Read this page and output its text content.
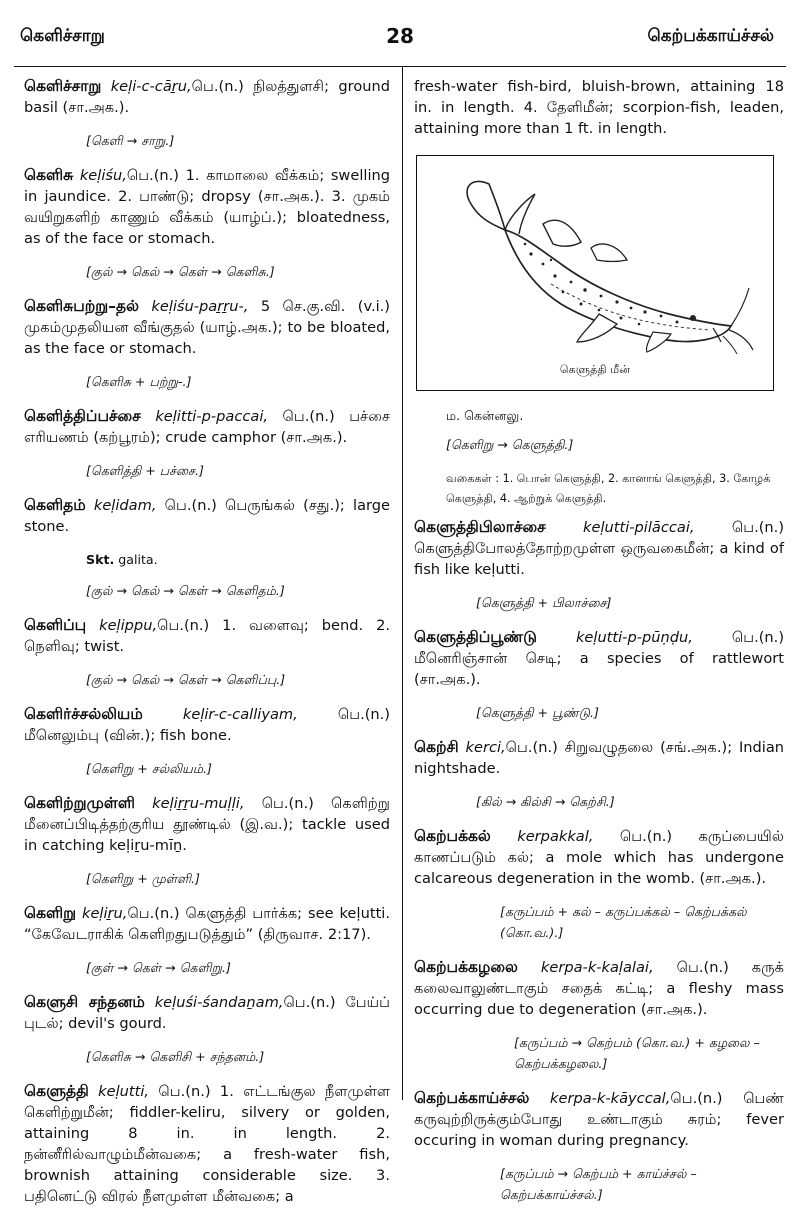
கெளிச்சாறு	28	கெற்பக்காய்ச்சல்

கெளிச்சாறு keḷi-c-cāṟu,பெ.(n.) நிலத்துளசி; ground basil (சா.அக.).

[கெளி → சாறு.]

கெளிசு keḷiśu,பெ.(n.) 1. காமாலை வீக்கம்; swelling in jaundice. 2. பாண்டு; dropsy (சா.அக.). 3. முகம் வயிறுகளிற் காணும் வீக்கம் (யாழ்ப்.); bloatedness, as of the face or stomach.

[குல் → கெல் → கெள் → கெளிசு.]

கெளிசுபற்று–தல் keḷiśu-paṟṟu-, 5 செ.கு.வி. (v.i.) முகம்முதலியன வீங்குதல் (யாழ்.அக.); to be bloated, as the face or stomach.

[கெளிசு + பற்று-.]

கெளித்திப்பச்சை keḷitti-p-paccai, பெ.(n.) பச்சை எரியணம் (கற்பூரம்); crude camphor (சா.அக.).

[கெளித்தி + பச்சை.]

கெளிதம் keḷidam, பெ.(n.) பெருங்கல் (சது.); large stone.

Skt. galita.

[குல் → கெல் → கெள் → கெளிதம்.]

கெளிப்பு keḷippu,பெ.(n.) 1. வளைவு; bend. 2. நெளிவு; twist.

[குல் → கெல் → கெள் → கெளிப்பு.]

கெளிர்ச்சல்லியம்	keḷir-c-calliyam,	பெ.(n.) மீனெலும்பு (வின்.); fish bone.

[கெளிறு + சல்லியம்.]

கெளிற்றுமுள்ளி keḷiṟṟu-muḷḷi, பெ.(n.) கெளிற்று மீனைப்பிடித்தற்குரிய தூண்டில் (இ.வ.); tackle used in catching keḷiṟu-mīṉ.

[கெளிறு + முள்ளி.]

கெளிறு keḷiṟu,பெ.(n.) கெளுத்தி பார்க்க; see keḷutti. “கேவேடராகிக் கெளிறதுபடுத்தும்” (திருவாச. 2:17).

[குள் → கெள் → கெளிறு.]

கெளுசி சந்தனம் keḷuśi-śandaṉam,பெ.(n.) பேய்ப் புடல்; devil's gourd.

[கெளிசு → கெளிசி + சந்தனம்.]

கெளுத்தி keḷutti, பெ.(n.) 1. எட்டங்குல நீளமுள்ள கெளிற்றுமீன்; fiddler-keliru, silvery or golden, attaining 8 in. in length. 2. நன்னீரில்வாழும்மீன்வகை; a fresh-water fish, brownish attaining considerable size. 3. பதினெட்டு விரல் நீளமுள்ள மீன்வகை; a

fresh-water fish-bird, bluish-brown, attaining 18 in. in length. 4. தேளிமீன்; scorpion-fish, leaden, attaining more than 1 ft. in length.

கெளுத்தி மீன்

ம. கென்னலு.

[கெளிறு → கெளுத்தி.]

வகைகள் : 1. பொன் கெளுத்தி, 2. கானாங் கெளுத்தி, 3. கோழக் கெளுத்தி, 4. ஆற்றுக் கெளுத்தி.

கெளுத்திபிலாச்சை	keḷutti-pilāccai,	பெ.(n.) கெளுத்திபோலத்தோற்றமுள்ள ஒருவகைமீன்; a kind of fish like keḷutti.

[கெளுத்தி + பிலாச்சை]

கெளுத்திப்பூண்டு	keḷutti-p-pūṇḍu,	பெ.(n.) மீனெரிஞ்சான் செடி; a species of rattlewort (சா.அக.).

[கெளுத்தி + பூண்டு.]

கெற்சி kerci,பெ.(n.) சிறுவழுதலை (சங்.அக.); Indian nightshade.

[கில் → கில்சி → கெற்சி.]

கெற்பக்கல் kerpakkal, பெ.(n.) கருப்பையில் காணப்படும் கல்; a mole which has undergone calcareous degeneration in the womb. (சா.அக.).

[கருப்பம் + கல் – கருப்பக்கல் – கெற்பக்கல் (கொ.வ.).]

கெற்பக்கழலை kerpa-k-kaḷalai, பெ.(n.) கருக் கலைவாலுண்டாகும் சதைக் கட்டி; a fleshy mass occurring due to degeneration (சா.அக.).

[கருப்பம் → கெற்பம் (கொ.வ.) + கழலை – கெற்பக்கழலை.]

கெற்பக்காய்ச்சல் kerpa-k-kāyccal,பெ.(n.) பெண் கருவுற்றிருக்கும்போது உண்டாகும் சுரம்; fever occuring in woman during pregnancy.

[கருப்பம் → கெற்பம் + காய்ச்சல் – கெற்பக்காய்ச்சல்.]
